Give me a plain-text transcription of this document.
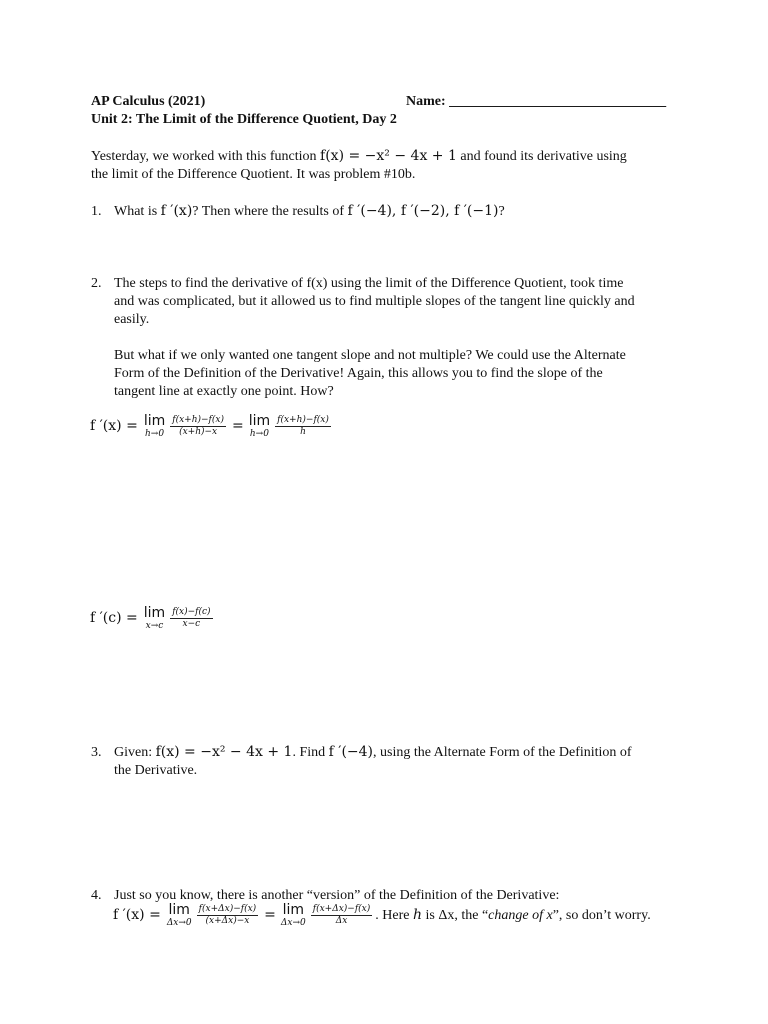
AP Calculus (2021)	Name: _______________________________
Unit 2: The Limit of the Difference Quotient, Day 2
Yesterday, we worked with this function f(x) = −x² − 4x + 1 and found its derivative using
the limit of the Difference Quotient. It was problem #10b.
1. What is f ′(x)? Then where the results of f ′(−4), f ′(−2), f ′(−1)?
2. The steps to find the derivative of f(x) using the limit of the Difference Quotient, took time
and was complicated, but it allowed us to find multiple slopes of the tangent line quickly and
easily.
But what if we only wanted one tangent slope and not multiple? We could use the Alternate
Form of the Definition of the Derivative! Again, this allows you to find the slope of the
tangent line at exactly one point. How?
f ′(x) = lim
$h\to 0 \frac{f(x+h)-f(x)}{(x+h)-x} = \lim$
$h\to 0 \frac{f(x+h)-f(x)}{h}$
f ′(c) = lim
$x\to c \frac{f(x)-f(c)}{x-c}$
3. Given: f(x) = −x² − 4x + 1. Find f ′(−4), using the Alternate Form of the Definition of
the Derivative.
4. Just so you know, there is another “version” of the Definition of the Derivative:
f ′(x) = lim
$\Delta x\to 0 \frac{f(x+\Delta x)-f(x)}{(x+\Delta x)-x} = \lim$
$\Delta x\to 0 \frac{f(x+\Delta x)-f(x)}{\Delta x}$ . Here h is Δx, the “change of x”, so don’t worry.
